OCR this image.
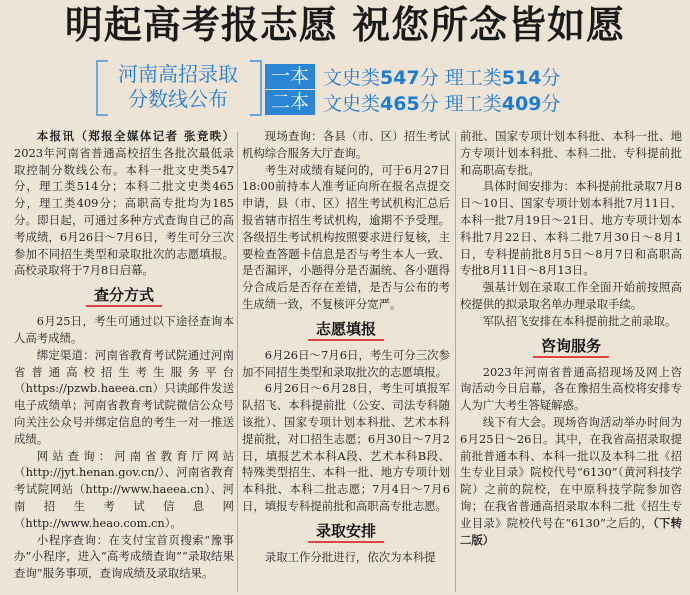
明起高考报志愿 祝您所念皆如愿
河南高招录取
分数线公布
一本 文史类547分 理工类514分
二本 文史类465分 理工类409分

本报讯（郑报全媒体记者 张竞昳）2023年河南省普通高校招生各批次最低录取控制分数线公布。本科一批文史类547分，理工类514分；本科二批文史类465分，理工类409分；高职高专批均为185分。即日起，可通过多种方式查询自己的高考成绩，6月26日～7月6日，考生可分三次参加不同招生类型和录取批次的志愿填报。高校录取将于7月8日启幕。

查分方式

6月25日，考生可通过以下途径查询本人高考成绩。

绑定渠道：河南省教育考试院通过河南省普通高校招生考生服务平台（https://pzwb.haeea.cn）只读邮件发送电子成绩单；河南省教育考试院微信公众号向关注公众号并绑定信息的考生一对一推送成绩。

网站查询：河南省教育厅网站（http://jyt.henan.gov.cn/）、河南省教育考试院网站（http://www.haeea.cn）、河南招生考试信息网（http://www.heao.com.cn）。

小程序查询：在支付宝首页搜索“豫事办”小程序，进入“高考成绩查询”“录取结果查询”服务事项，查询成绩及录取结果。

现场查询：各县（市、区）招生考试机构综合服务大厅查询。

考生对成绩有疑问的，可于6月27日18:00前持本人准考证向所在报名点提交申请，县（市、区）招生考试机构汇总后报省辖市招生考试机构，逾期不予受理。各级招生考试机构按照要求进行复核，主要检查答题卡信息是否与考生本人一致、是否漏评，小题得分是否漏统、各小题得分合成后是否存在差错，是否与公布的考生成绩一致，不复核评分宽严。

志愿填报

6月26日～7月6日，考生可分三次参加不同招生类型和录取批次的志愿填报。

6月26日～6月28日，考生可填报军队招飞、本科提前批（公安、司法专科随该批）、国家专项计划本科批、艺术本科提前批，对口招生志愿；6月30日～7月2日，填报艺术本科A段、艺术本科B段、特殊类型招生、本科一批、地方专项计划本科批、本科二批志愿；7月4日～7月6日，填报专科提前批和高职高专批志愿。

录取安排

录取工作分批进行，依次为本科提

前批、国家专项计划本科批、本科一批、地方专项计划本科批、本科二批、专科提前批和高职高专批。

具体时间安排为：本科提前批录取7月8日～10日、国家专项计划本科批7月11日、本科一批7月19日～21日、地方专项计划本科批7月22日、本科二批7月30日～8月1日，专科提前批8月5日～8月7日和高职高专批8月11日～8月13日。

强基计划在录取工作全面开始前按照高校提供的拟录取名单办理录取手续。

军队招飞安排在本科提前批之前录取。

咨询服务

2023年河南省普通高招现场及网上咨询活动今日启幕，各在豫招生高校将安排专人为广大考生答疑解惑。

线下有大会。现场咨询活动举办时间为6月25日～26日。其中，在我省高招录取提前批普通本科、本科一批以及本科二批《招生专业目录》院校代号“6130”（黄河科技学院）之前的院校，在中原科技学院参加咨询；在我省普通高招录取本科二批《招生专业目录》院校代号在“6130”之后的，（下转二版）
